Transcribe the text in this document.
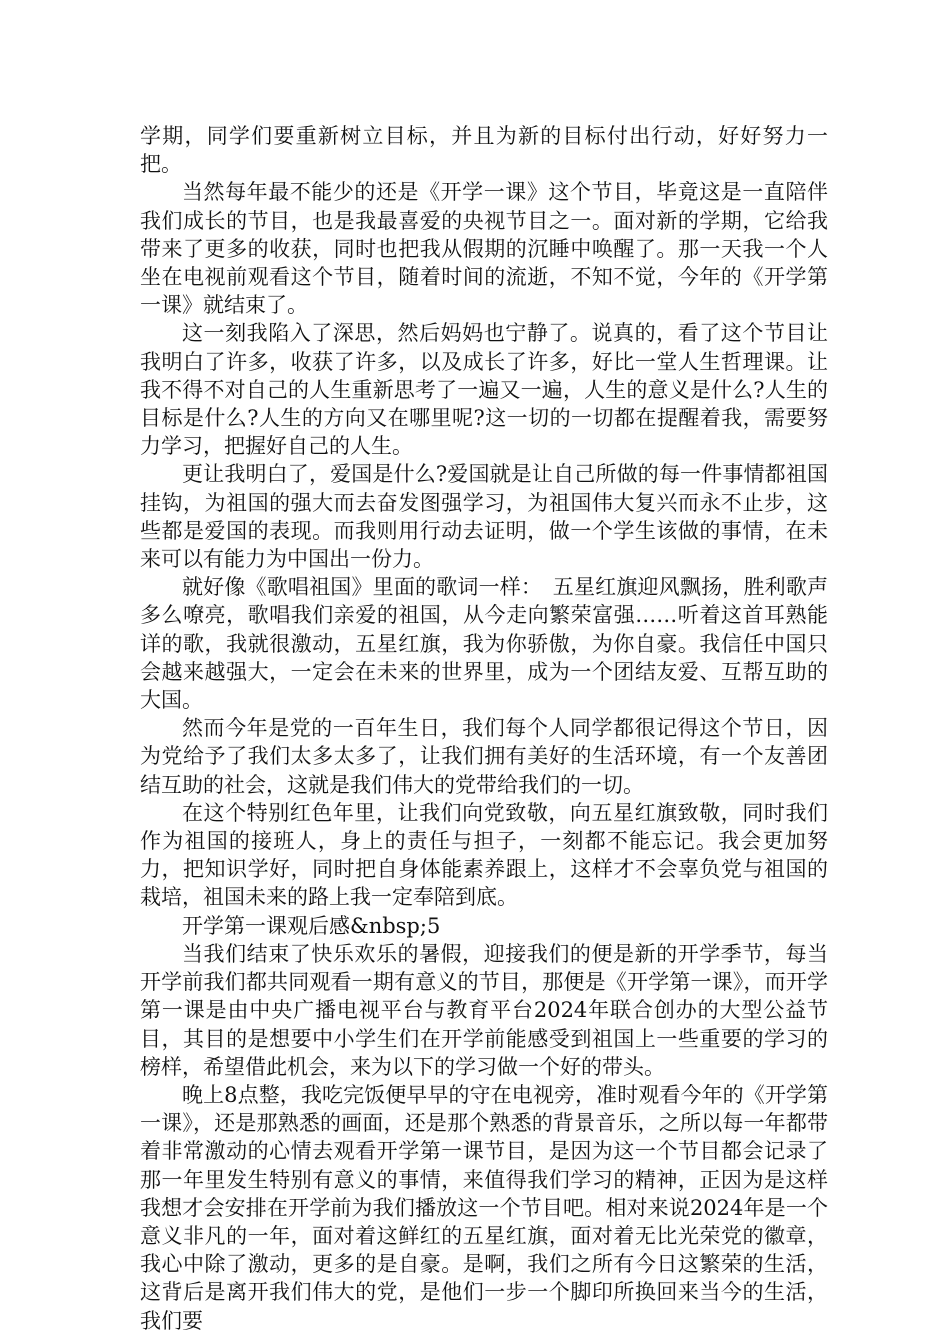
学期，同学们要重新树立目标，并且为新的目标付出行动，好好努力一把。

当然每年最不能少的还是《开学一课》这个节目，毕竟这是一直陪伴我们成长的节目，也是我最喜爱的央视节目之一。面对新的学期，它给我带来了更多的收获，同时也把我从假期的沉睡中唤醒了。那一天我一个人坐在电视前观看这个节目，随着时间的流逝，不知不觉，今年的《开学第一课》就结束了。

这一刻我陷入了深思，然后妈妈也宁静了。说真的，看了这个节目让我明白了许多，收获了许多，以及成长了许多，好比一堂人生哲理课。让我不得不对自己的人生重新思考了一遍又一遍，人生的意义是什么?人生的目标是什么?人生的方向又在哪里呢?这一切的一切都在提醒着我，需要努力学习，把握好自己的人生。

更让我明白了，爱国是什么?爱国就是让自己所做的每一件事情都祖国挂钩，为祖国的强大而去奋发图强学习，为祖国伟大复兴而永不止步，这些都是爱国的表现。而我则用行动去证明，做一个学生该做的事情，在未来可以有能力为中国出一份力。

就好像《歌唱祖国》里面的歌词一样：　五星红旗迎风飘扬，胜利歌声多么嘹亮，歌唱我们亲爱的祖国，从今走向繁荣富强……听着这首耳熟能详的歌，我就很激动，五星红旗，我为你骄傲，为你自豪。我信任中国只会越来越强大，一定会在未来的世界里，成为一个团结友爱、互帮互助的大国。

然而今年是党的一百年生日，我们每个人同学都很记得这个节日，因为党给予了我们太多太多了，让我们拥有美好的生活环境，有一个友善团结互助的社会，这就是我们伟大的党带给我们的一切。

在这个特别红色年里，让我们向党致敬，向五星红旗致敬，同时我们作为祖国的接班人，身上的责任与担子，一刻都不能忘记。我会更加努力，把知识学好，同时把自身体能素养跟上，这样才不会辜负党与祖国的栽培，祖国未来的路上我一定奉陪到底。

开学第一课观后感&nbsp;5

当我们结束了快乐欢乐的暑假，迎接我们的便是新的开学季节，每当开学前我们都共同观看一期有意义的节目，那便是《开学第一课》，而开学第一课是由中央广播电视平台与教育平台2024年联合创办的大型公益节目，其目的是想要中小学生们在开学前能感受到祖国上一些重要的学习的榜样，希望借此机会，来为以下的学习做一个好的带头。

晚上8点整，我吃完饭便早早的守在电视旁，准时观看今年的《开学第一课》，还是那熟悉的画面，还是那个熟悉的背景音乐，之所以每一年都带着非常激动的心情去观看开学第一课节目，是因为这一个节目都会记录了那一年里发生特别有意义的事情，来值得我们学习的精神，正因为是这样我想才会安排在开学前为我们播放这一个节目吧。相对来说2024年是一个意义非凡的一年，面对着这鲜红的五星红旗，面对着无比光荣党的徽章，我心中除了激动，更多的是自豪。是啊，我们之所有今日这繁荣的生活，这背后是离开我们伟大的党，是他们一步一个脚印所换回来当今的生活，我们要
